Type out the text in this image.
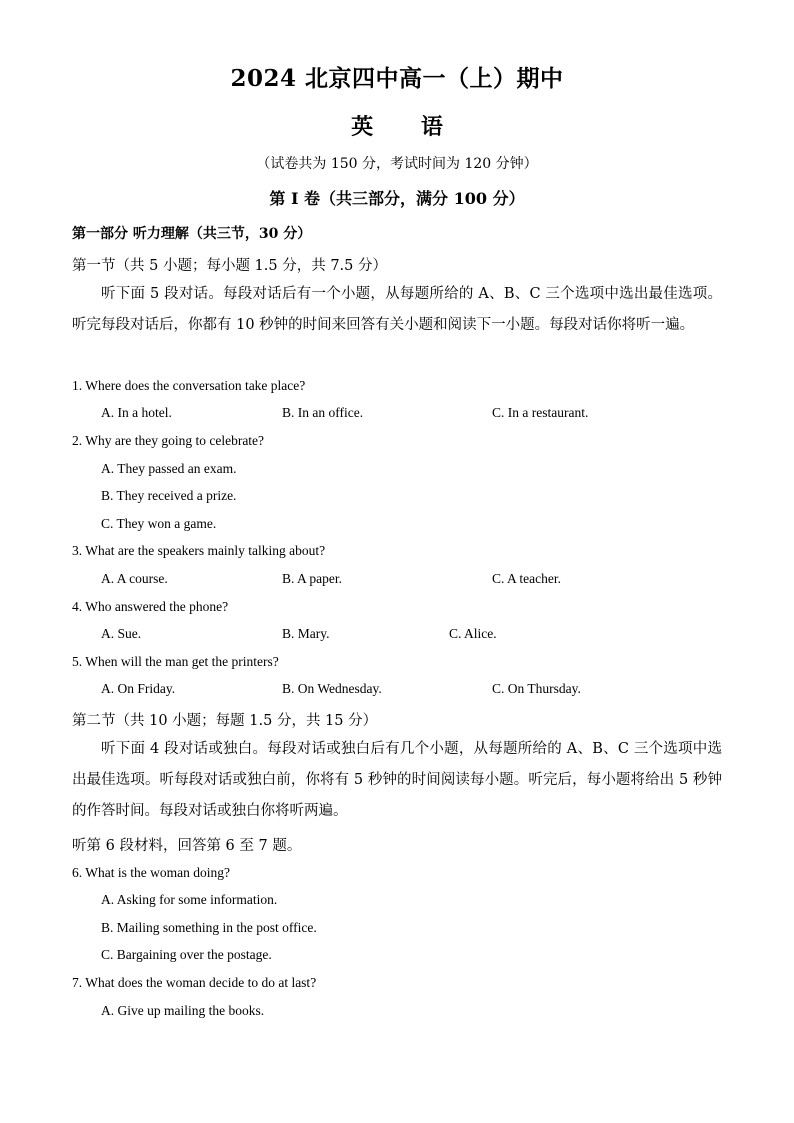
2024 北京四中高一（上）期中
英 语
（试卷共为 150 分，考试时间为 120 分钟）
第 I 卷（共三部分，满分 100 分）
第一部分 听力理解（共三节，30 分）
第一节（共 5 小题；每小题 1.5 分，共 7.5 分）
听下面 5 段对话。每段对话后有一个小题，从每题所给的 A、B、C 三个选项中选出最佳选项。听完每段对话后，你都有 10 秒钟的时间来回答有关小题和阅读下一小题。每段对话你将听一遍。
1. Where does the conversation take place?
A. In a hotel.	B. In an office.	C. In a restaurant.
2. Why are they going to celebrate?
A. They passed an exam.
B. They received a prize.
C. They won a game.
3. What are the speakers mainly talking about?
A. A course.	B. A paper.	C. A teacher.
4. Who answered the phone?
A. Sue.	B. Mary.	C. Alice.
5. When will the man get the printers?
A. On Friday.	B. On Wednesday.	C. On Thursday.
第二节（共 10 小题；每题 1.5 分，共 15 分）
听下面 4 段对话或独白。每段对话或独白后有几个小题，从每题所给的 A、B、C 三个选项中选出最佳选项。听每段对话或独白前，你将有 5 秒钟的时间阅读每小题。听完后，每小题将给出 5 秒钟的作答时间。每段对话或独白你将听两遍。
听第 6 段材料，回答第 6 至 7 题。
6. What is the woman doing?
A. Asking for some information.
B. Mailing something in the post office.
C. Bargaining over the postage.
7. What does the woman decide to do at last?
A. Give up mailing the books.
